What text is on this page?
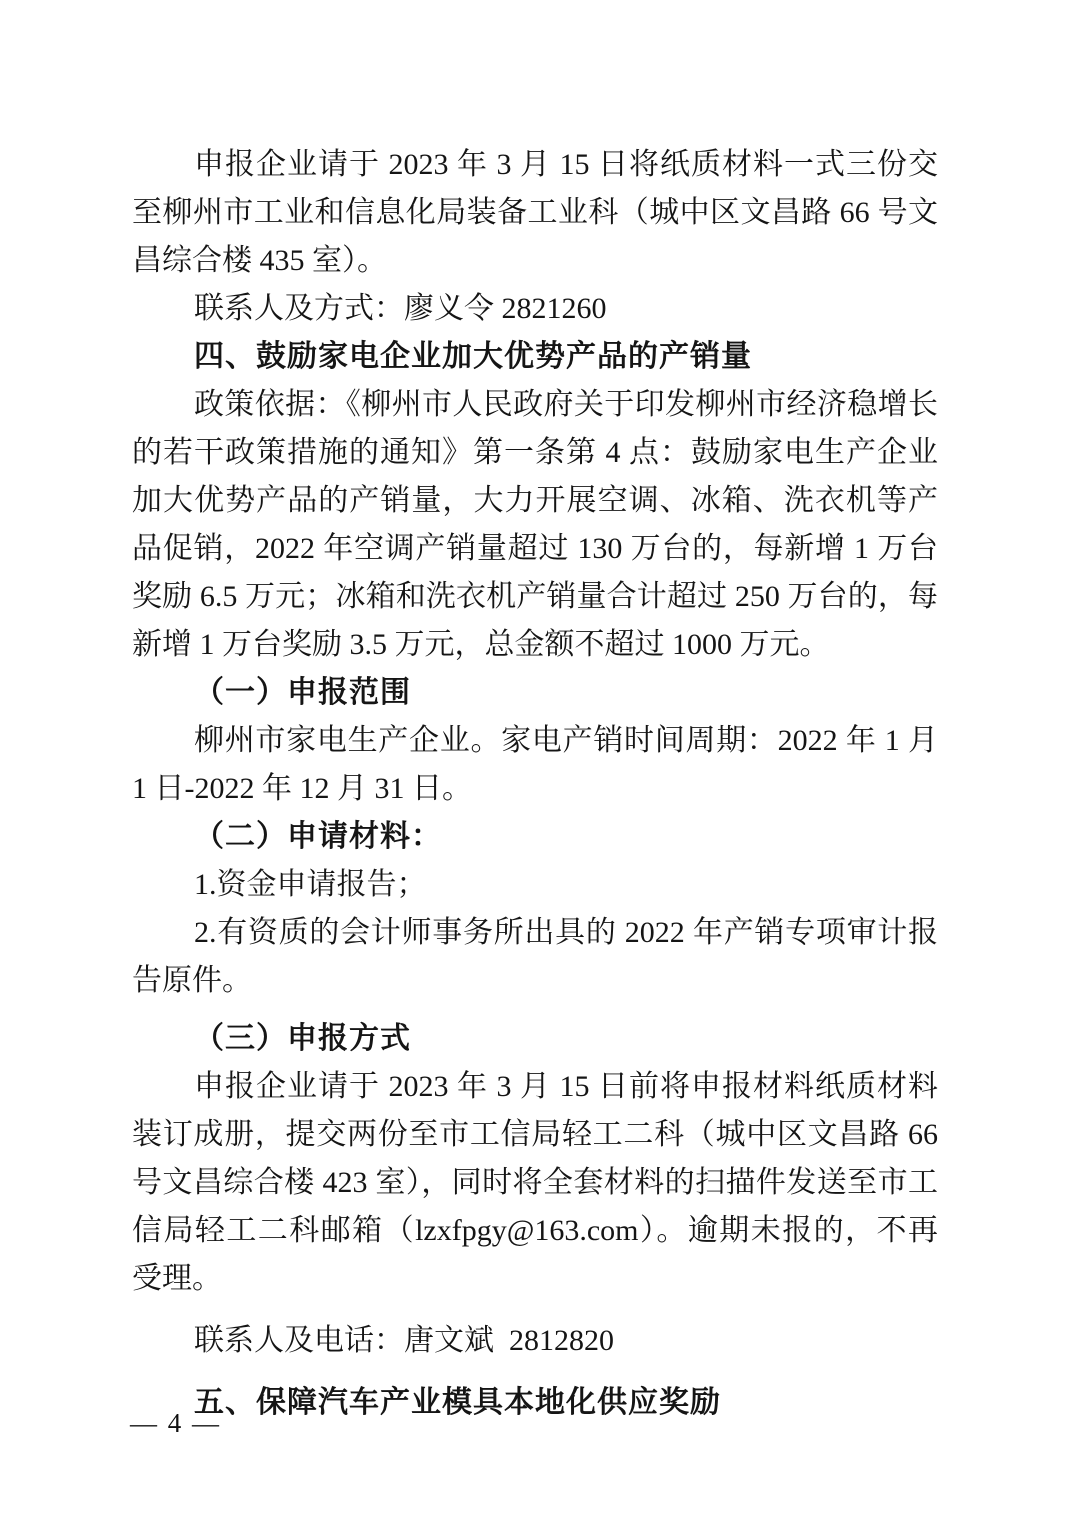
申报企业请于 2023 年 3 月 15 日将纸质材料一式三份交至柳州市工业和信息化局装备工业科（城中区文昌路 66 号文昌综合楼 435 室）。

联系人及方式：廖义令 2821260

四、鼓励家电企业加大优势产品的产销量

政策依据：《柳州市人民政府关于印发柳州市经济稳增长的若干政策措施的通知》第一条第 4 点：鼓励家电生产企业加大优势产品的产销量，大力开展空调、冰箱、洗衣机等产品促销，2022 年空调产销量超过 130 万台的，每新增 1 万台奖励 6.5 万元；冰箱和洗衣机产销量合计超过 250 万台的，每新增 1 万台奖励 3.5 万元，总金额不超过 1000 万元。

（一）申报范围

柳州市家电生产企业。家电产销时间周期：2022 年 1 月 1 日-2022 年 12 月 31 日。

（二）申请材料：

1.资金申请报告；

2.有资质的会计师事务所出具的 2022 年产销专项审计报告原件。

（三）申报方式

申报企业请于 2023 年 3 月 15 日前将申报材料纸质材料装订成册，提交两份至市工信局轻工二科（城中区文昌路 66 号文昌综合楼 423 室），同时将全套材料的扫描件发送至市工信局轻工二科邮箱（lzxfpgy@163.com）。逾期未报的，不再受理。

联系人及电话：唐文斌  2812820

五、保障汽车产业模具本地化供应奖励
— 4 —
